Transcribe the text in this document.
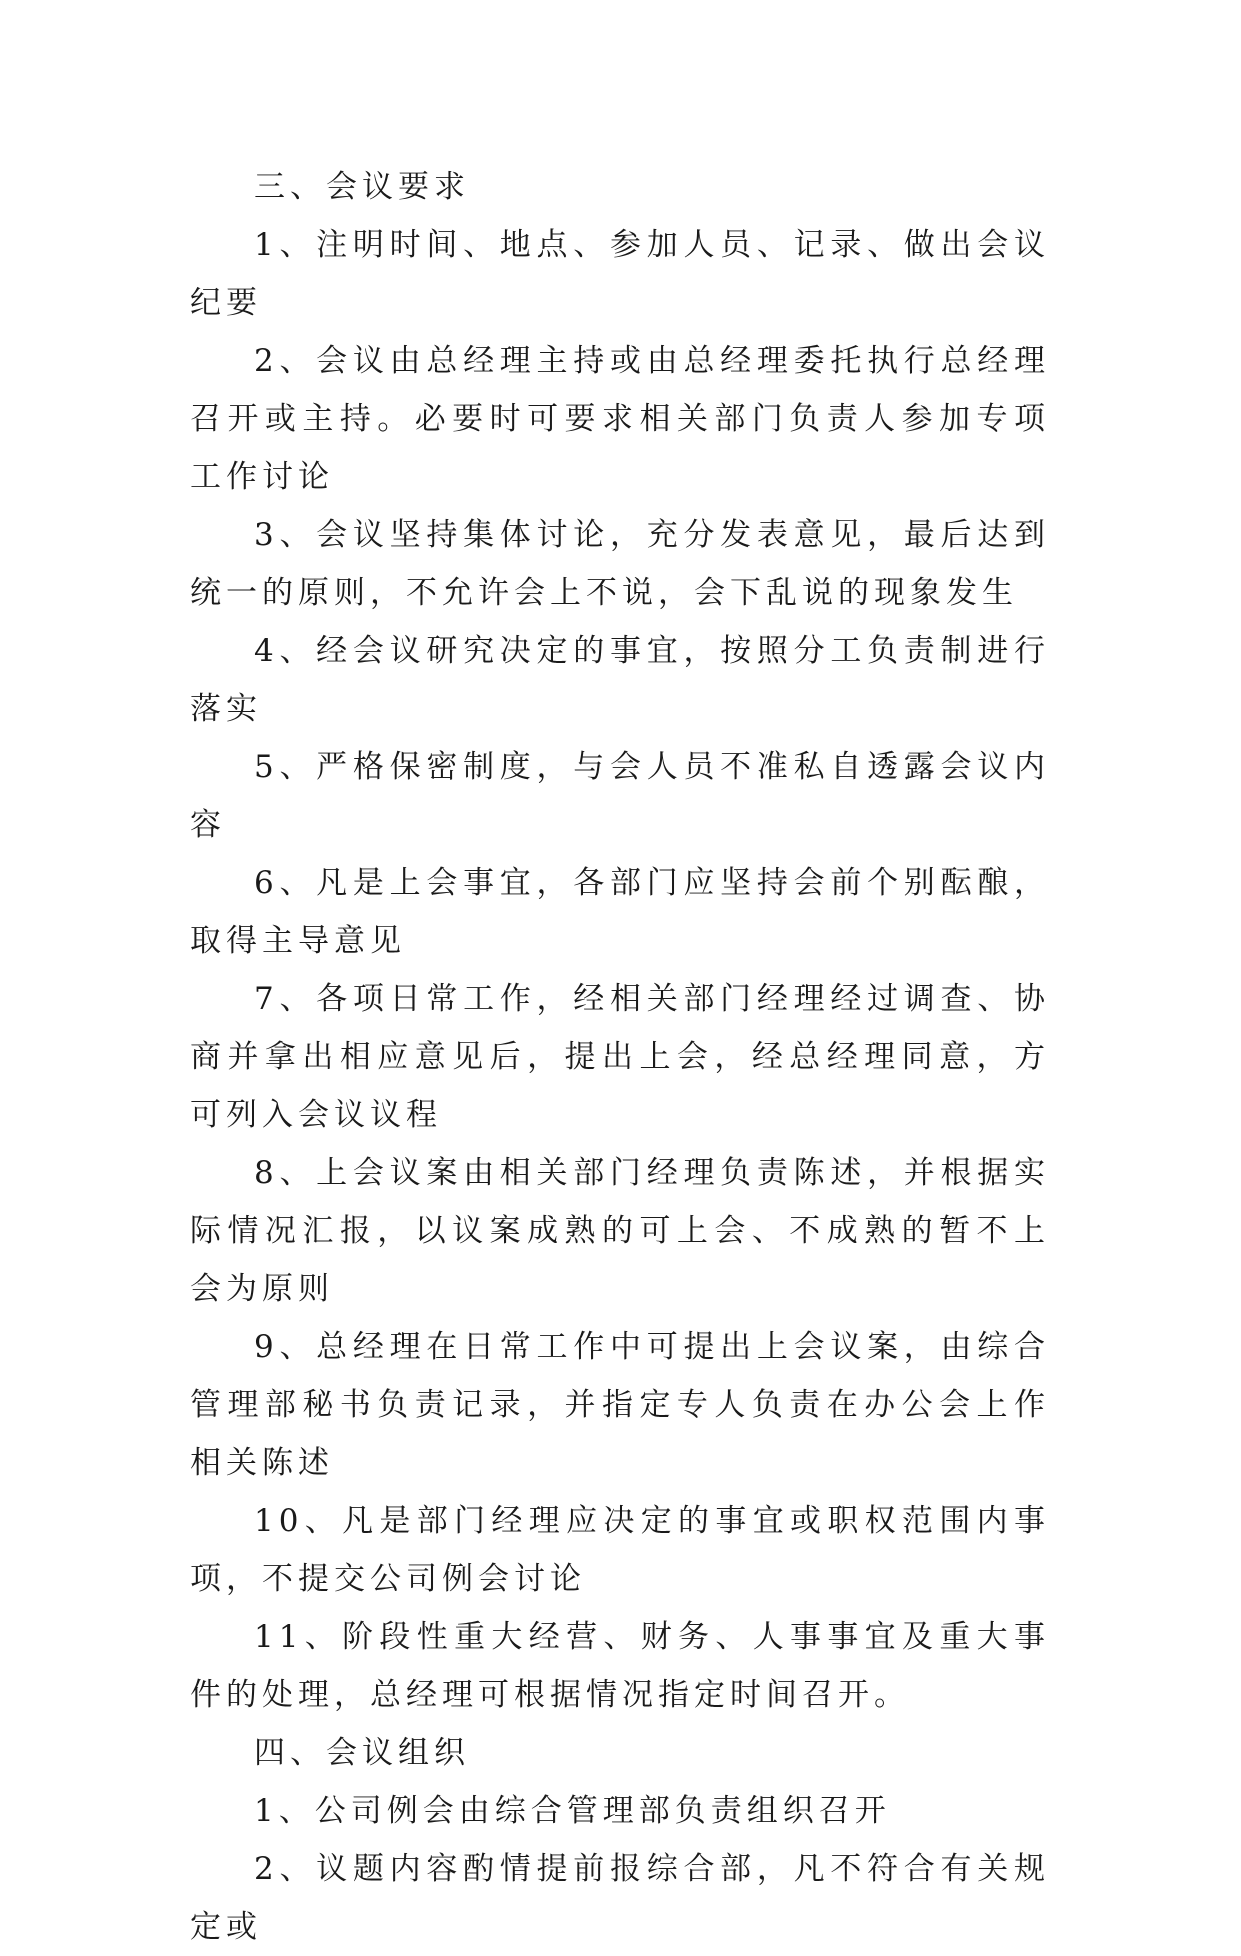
三、会议要求

1、注明时间、地点、参加人员、记录、做出会议纪要

2、会议由总经理主持或由总经理委托执行总经理召开或主持。必要时可要求相关部门负责人参加专项工作讨论

3、会议坚持集体讨论，充分发表意见，最后达到统一的原则，不允许会上不说，会下乱说的现象发生

4、经会议研究决定的事宜，按照分工负责制进行落实

5、严格保密制度，与会人员不准私自透露会议内容

6、凡是上会事宜，各部门应坚持会前个别酝酿，取得主导意见

7、各项日常工作，经相关部门经理经过调查、协商并拿出相应意见后，提出上会，经总经理同意，方可列入会议议程

8、上会议案由相关部门经理负责陈述，并根据实际情况汇报，以议案成熟的可上会、不成熟的暂不上会为原则

9、总经理在日常工作中可提出上会议案，由综合管理部秘书负责记录，并指定专人负责在办公会上作相关陈述

10、凡是部门经理应决定的事宜或职权范围内事项，不提交公司例会讨论

11、阶段性重大经营、财务、人事事宜及重大事件的处理，总经理可根据情况指定时间召开。

四、会议组织

1、公司例会由综合管理部负责组织召开

2、议题内容酌情提前报综合部，凡不符合有关规定或
